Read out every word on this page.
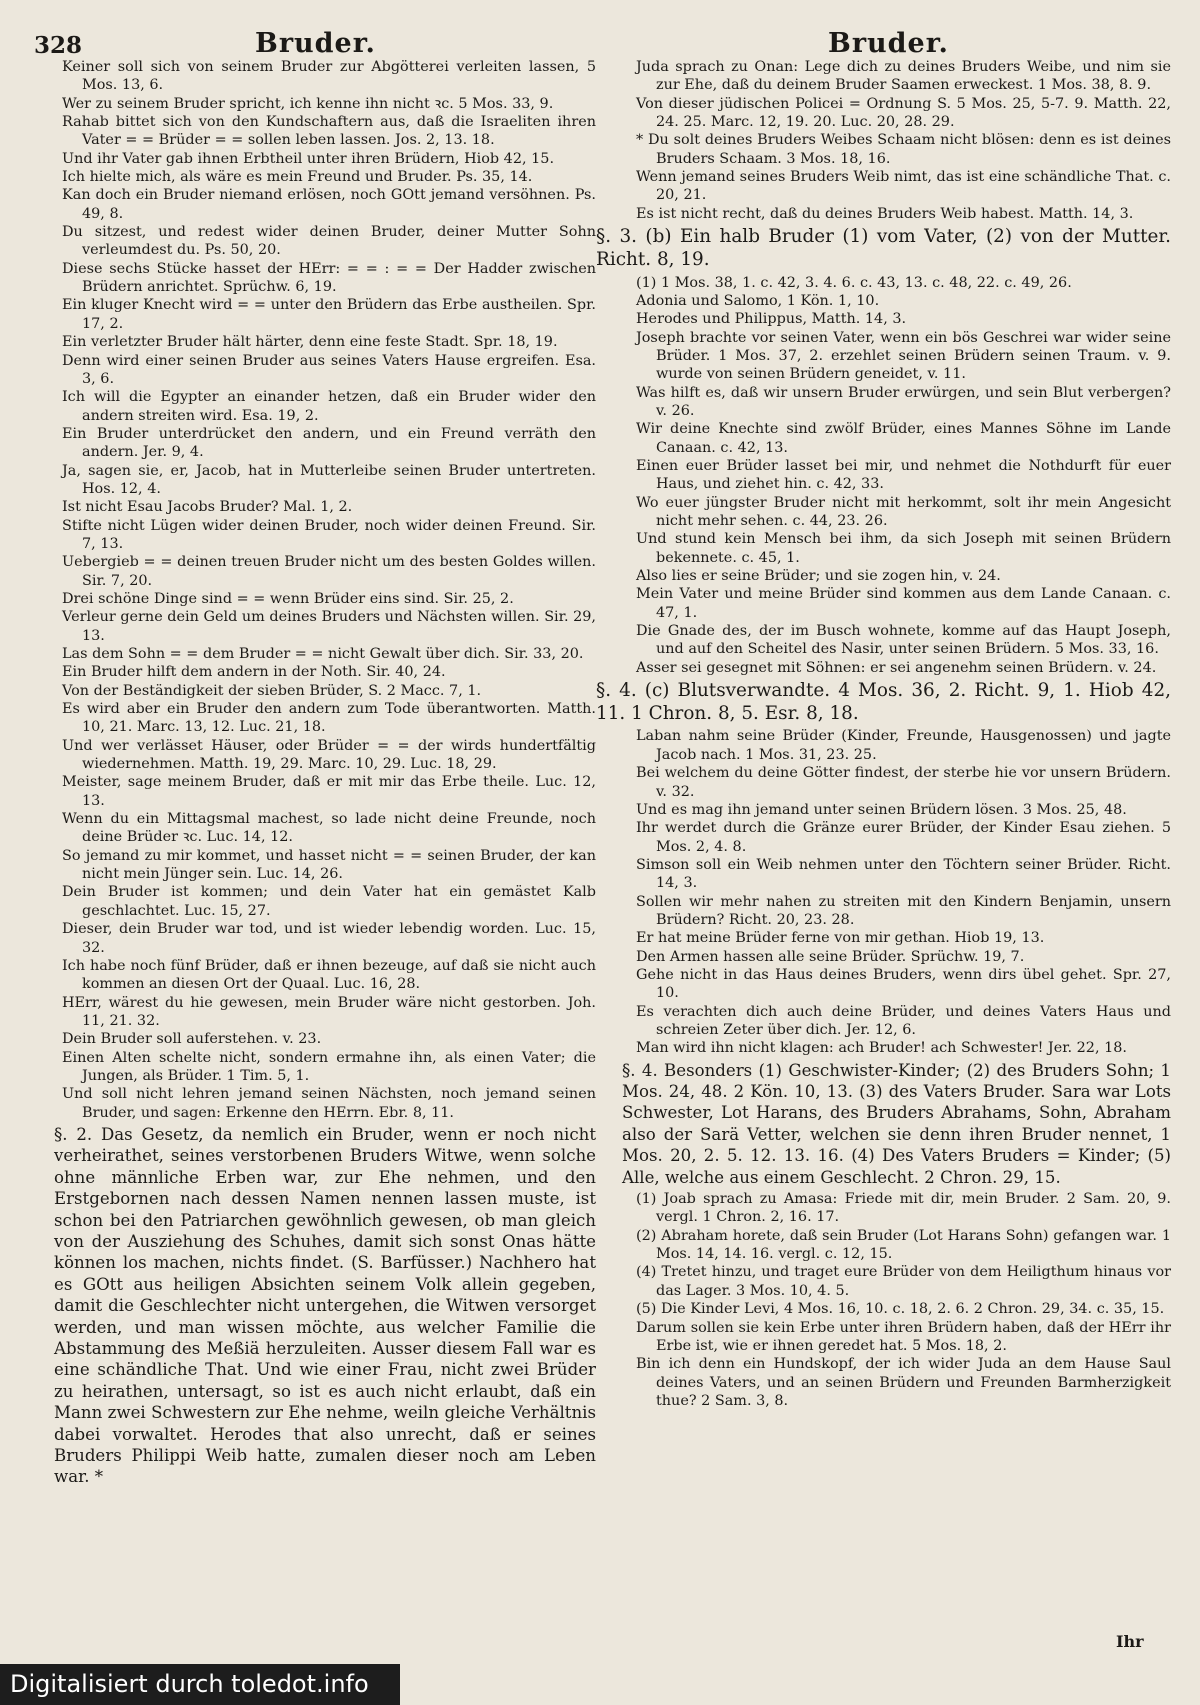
328	Bruder.	Bruder.

Keiner soll sich von seinem Bruder zur Abgötterei verleiten lassen, 5 Mos. 13, 6.

Wer zu seinem Bruder spricht, ich kenne ihn nicht ꝛc. 5 Mos. 33, 9.

Rahab bittet sich von den Kundschaftern aus, daß die Israeliten ihren Vater = = Brüder = = sollen leben lassen. Jos. 2, 13. 18.

Und ihr Vater gab ihnen Erbtheil unter ihren Brüdern, Hiob 42, 15.

Ich hielte mich, als wäre es mein Freund und Bruder. Ps. 35, 14.

Kan doch ein Bruder niemand erlösen, noch GOtt jemand versöhnen. Ps. 49, 8.

Du sitzest, und redest wider deinen Bruder, deiner Mutter Sohn verleumdest du. Ps. 50, 20.

Diese sechs Stücke hasset der HErr: = = : = = Der Hadder zwischen Brüdern anrichtet. Sprüchw. 6, 19.

Ein kluger Knecht wird = = unter den Brüdern das Erbe austheilen. Spr. 17, 2.

Ein verletzter Bruder hält härter, denn eine feste Stadt. Spr. 18, 19.

Denn wird einer seinen Bruder aus seines Vaters Hause ergreifen. Esa. 3, 6.

Ich will die Egypter an einander hetzen, daß ein Bruder wider den andern streiten wird. Esa. 19, 2.

Ein Bruder unterdrücket den andern, und ein Freund verräth den andern. Jer. 9, 4.

Ja, sagen sie, er, Jacob, hat in Mutterleibe seinen Bruder untertreten. Hos. 12, 4.

Ist nicht Esau Jacobs Bruder? Mal. 1, 2.

Stifte nicht Lügen wider deinen Bruder, noch wider deinen Freund. Sir. 7, 13.

Uebergieb = = deinen treuen Bruder nicht um des besten Goldes willen. Sir. 7, 20.

Drei schöne Dinge sind = = wenn Brüder eins sind. Sir. 25, 2.

Verleur gerne dein Geld um deines Bruders und Nächsten willen. Sir. 29, 13.

Las dem Sohn = = dem Bruder = = nicht Gewalt über dich. Sir. 33, 20.

Ein Bruder hilft dem andern in der Noth. Sir. 40, 24.

Von der Beständigkeit der sieben Brüder, S. 2 Macc. 7, 1.

Es wird aber ein Bruder den andern zum Tode überantworten. Matth. 10, 21. Marc. 13, 12. Luc. 21, 18.

Und wer verlässet Häuser, oder Brüder = = der wirds hundertfältig wiedernehmen. Matth. 19, 29. Marc. 10, 29. Luc. 18, 29.

Meister, sage meinem Bruder, daß er mit mir das Erbe theile. Luc. 12, 13.

Wenn du ein Mittagsmal machest, so lade nicht deine Freunde, noch deine Brüder ꝛc. Luc. 14, 12.

So jemand zu mir kommet, und hasset nicht = = seinen Bruder, der kan nicht mein Jünger sein. Luc. 14, 26.

Dein Bruder ist kommen; und dein Vater hat ein gemästet Kalb geschlachtet. Luc. 15, 27.

Dieser, dein Bruder war tod, und ist wieder lebendig worden. Luc. 15, 32.

Ich habe noch fünf Brüder, daß er ihnen bezeuge, auf daß sie nicht auch kommen an diesen Ort der Quaal. Luc. 16, 28.

HErr, wärest du hie gewesen, mein Bruder wäre nicht gestorben. Joh. 11, 21. 32.

Dein Bruder soll auferstehen. v. 23.

Einen Alten schelte nicht, sondern ermahne ihn, als einen Vater; die Jungen, als Brüder. 1 Tim. 5, 1.

Und soll nicht lehren jemand seinen Nächsten, noch jemand seinen Bruder, und sagen: Erkenne den HErrn. Ebr. 8, 11.

§. 2. Das Gesetz, da nemlich ein Bruder, wenn er noch nicht verheirathet, seines verstorbenen Bruders Witwe, wenn solche ohne männliche Erben war, zur Ehe nehmen, und den Erstgebornen nach dessen Namen nennen lassen muste, ist schon bei den Patriarchen gewöhnlich gewesen, ob man gleich von der Ausziehung des Schuhes, damit sich sonst Onas hätte können los machen, nichts findet. (S. Barfüsser.) Nachhero hat es GOtt aus heiligen Absichten seinem Volk allein gegeben, damit die Geschlechter nicht untergehen, die Witwen versorget werden, und man wissen möchte, aus welcher Familie die Abstammung des Meßiä herzuleiten. Ausser diesem Fall war es eine schändliche That. Und wie einer Frau, nicht zwei Brüder zu heirathen, untersagt, so ist es auch nicht erlaubt, daß ein Mann zwei Schwestern zur Ehe nehme, weiln gleiche Verhältnis dabei vorwaltet. Herodes that also unrecht, daß er seines Bruders Philippi Weib hatte, zumalen dieser noch am Leben war. *

Juda sprach zu Onan: Lege dich zu deines Bruders Weibe, und nim sie zur Ehe, daß du deinem Bruder Saamen erweckest. 1 Mos. 38, 8. 9.

Von dieser jüdischen Policei = Ordnung S. 5 Mos. 25, 5-7. 9. Matth. 22, 24. 25. Marc. 12, 19. 20. Luc. 20, 28. 29.

* Du solt deines Bruders Weibes Schaam nicht blösen: denn es ist deines Bruders Schaam. 3 Mos. 18, 16.

Wenn jemand seines Bruders Weib nimt, das ist eine schändliche That. c. 20, 21.

Es ist nicht recht, daß du deines Bruders Weib habest. Matth. 14, 3.

§. 3. (b) Ein halb Bruder (1) vom Vater, (2) von der Mutter. Richt. 8, 19.

(1) 1 Mos. 38, 1. c. 42, 3. 4. 6. c. 43, 13. c. 48, 22. c. 49, 26.

Adonia und Salomo, 1 Kön. 1, 10.

Herodes und Philippus, Matth. 14, 3.

Joseph brachte vor seinen Vater, wenn ein bös Geschrei war wider seine Brüder. 1 Mos. 37, 2. erzehlet seinen Brüdern seinen Traum. v. 9. wurde von seinen Brüdern geneidet, v. 11.

Was hilft es, daß wir unsern Bruder erwürgen, und sein Blut verbergen? v. 26.

Wir deine Knechte sind zwölf Brüder, eines Mannes Söhne im Lande Canaan. c. 42, 13.

Einen euer Brüder lasset bei mir, und nehmet die Nothdurft für euer Haus, und ziehet hin. c. 42, 33.

Wo euer jüngster Bruder nicht mit herkommt, solt ihr mein Angesicht nicht mehr sehen. c. 44, 23. 26.

Und stund kein Mensch bei ihm, da sich Joseph mit seinen Brüdern bekennete. c. 45, 1.

Also lies er seine Brüder; und sie zogen hin, v. 24.

Mein Vater und meine Brüder sind kommen aus dem Lande Canaan. c. 47, 1.

Die Gnade des, der im Busch wohnete, komme auf das Haupt Joseph, und auf den Scheitel des Nasir, unter seinen Brüdern. 5 Mos. 33, 16.

Asser sei gesegnet mit Söhnen: er sei angenehm seinen Brüdern. v. 24.

§. 4. (c) Blutsverwandte. 4 Mos. 36, 2. Richt. 9, 1. Hiob 42, 11. 1 Chron. 8, 5. Esr. 8, 18.

Laban nahm seine Brüder (Kinder, Freunde, Hausgenossen) und jagte Jacob nach. 1 Mos. 31, 23. 25.

Bei welchem du deine Götter findest, der sterbe hie vor unsern Brüdern. v. 32.

Und es mag ihn jemand unter seinen Brüdern lösen. 3 Mos. 25, 48.

Ihr werdet durch die Gränze eurer Brüder, der Kinder Esau ziehen. 5 Mos. 2, 4. 8.

Simson soll ein Weib nehmen unter den Töchtern seiner Brüder. Richt. 14, 3.

Sollen wir mehr nahen zu streiten mit den Kindern Benjamin, unsern Brüdern? Richt. 20, 23. 28.

Er hat meine Brüder ferne von mir gethan. Hiob 19, 13.

Den Armen hassen alle seine Brüder. Sprüchw. 19, 7.

Gehe nicht in das Haus deines Bruders, wenn dirs übel gehet. Spr. 27, 10.

Es verachten dich auch deine Brüder, und deines Vaters Haus und schreien Zeter über dich. Jer. 12, 6.

Man wird ihn nicht klagen: ach Bruder! ach Schwester! Jer. 22, 18.

§. 4. Besonders (1) Geschwister-Kinder; (2) des Bruders Sohn; 1 Mos. 24, 48. 2 Kön. 10, 13. (3) des Vaters Bruder. Sara war Lots Schwester, Lot Harans, des Bruders Abrahams, Sohn, Abraham also der Sarä Vetter, welchen sie denn ihren Bruder nennet, 1 Mos. 20, 2. 5. 12. 13. 16. (4) Des Vaters Bruders = Kinder; (5) Alle, welche aus einem Geschlecht. 2 Chron. 29, 15.

(1) Joab sprach zu Amasa: Friede mit dir, mein Bruder. 2 Sam. 20, 9. vergl. 1 Chron. 2, 16. 17.

(2) Abraham horete, daß sein Bruder (Lot Harans Sohn) gefangen war. 1 Mos. 14, 14. 16. vergl. c. 12, 15.

(4) Tretet hinzu, und traget eure Brüder von dem Heiligthum hinaus vor das Lager. 3 Mos. 10, 4. 5.

(5) Die Kinder Levi, 4 Mos. 16, 10. c. 18, 2. 6. 2 Chron. 29, 34. c. 35, 15.

Darum sollen sie kein Erbe unter ihren Brüdern haben, daß der HErr ihr Erbe ist, wie er ihnen geredet hat. 5 Mos. 18, 2.

Bin ich denn ein Hundskopf, der ich wider Juda an dem Hause Saul deines Vaters, und an seinen Brüdern und Freunden Barmherzigkeit thue? 2 Sam. 3, 8.

Ihr
Digitalisiert durch toledot.info
